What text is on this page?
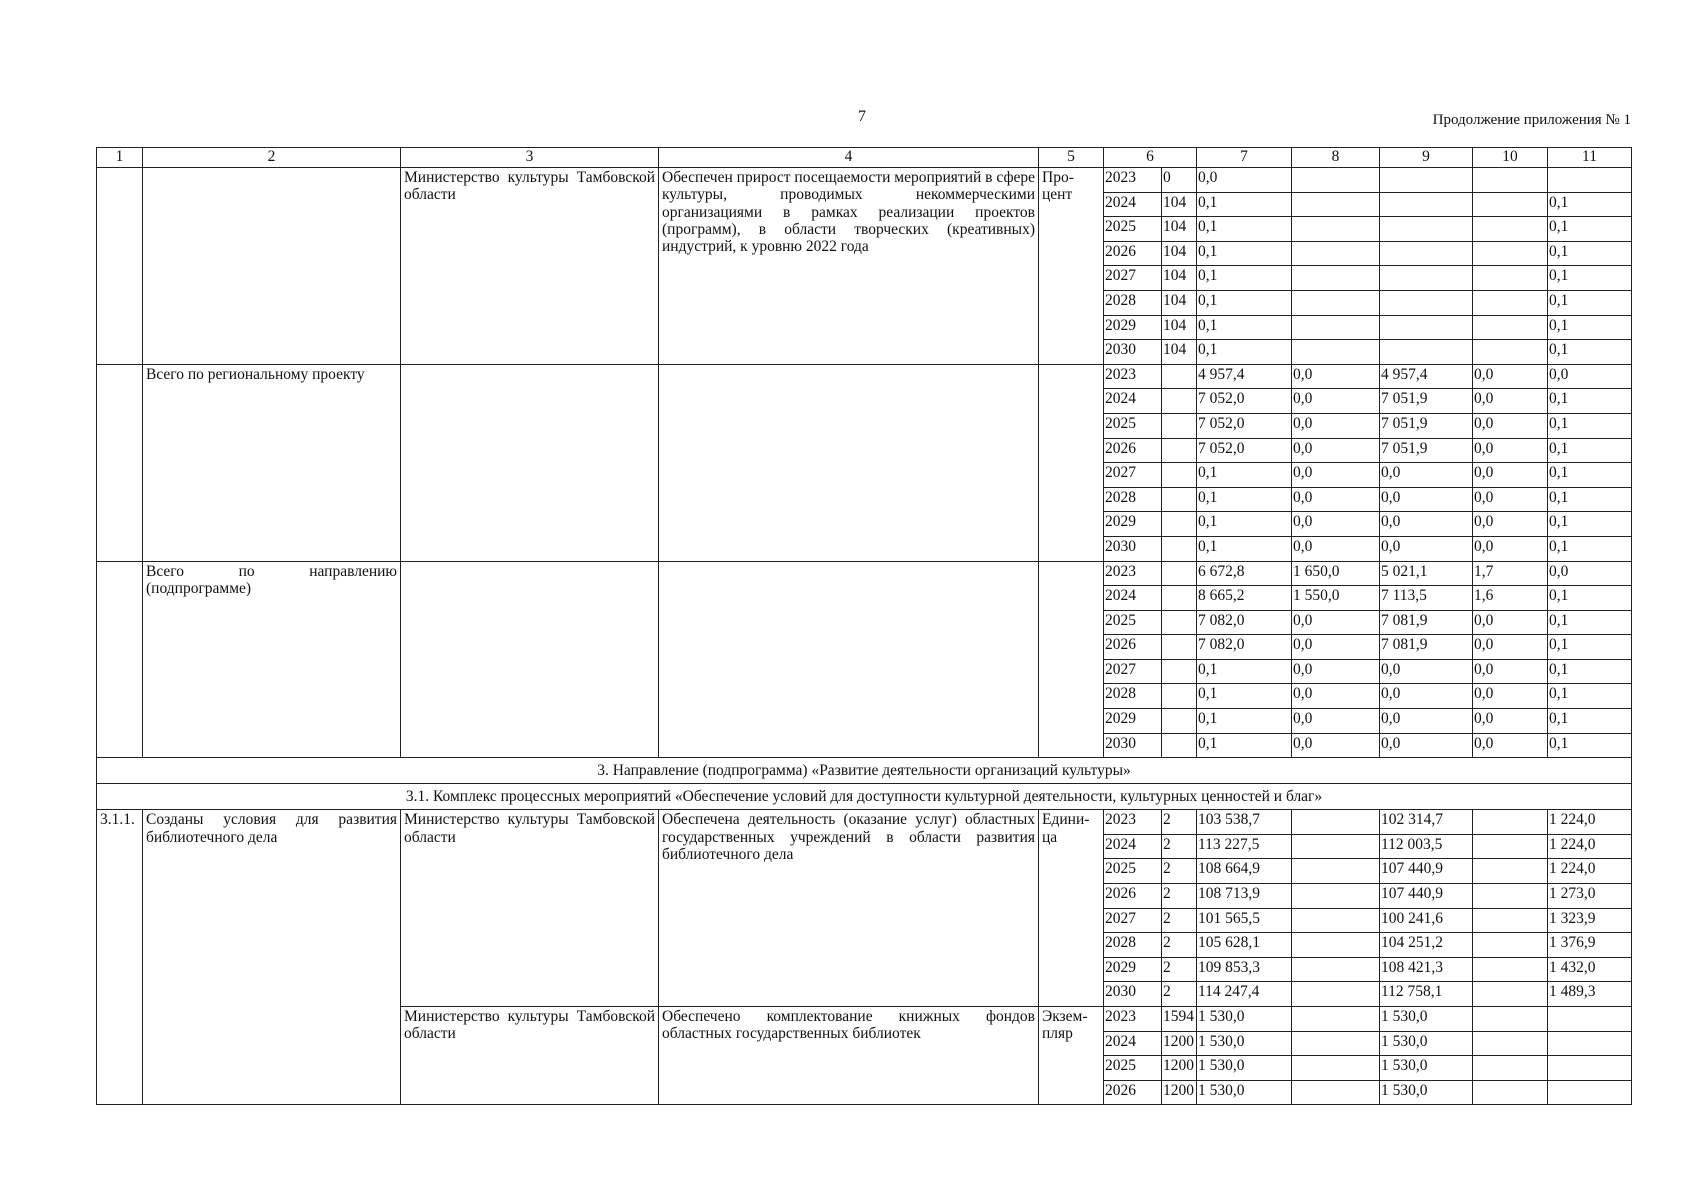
7	Продолжение приложения № 1
1	2	3	4	5	6		7	8	9	10	11
		Министерство культуры Тамбовской области	Обеспечен прирост посещаемости мероприятий в сфере культуры, проводимых некоммерческими организациями в рамках реализации проектов (программ), в области творческих (креативных) индустрий, к уровню 2022 года	Про-цент	2023	0	0,0				
					2024	104	0,1				0,1
					2025	104	0,1				0,1
					2026	104	0,1				0,1
					2027	104	0,1				0,1
					2028	104	0,1				0,1
					2029	104	0,1				0,1
					2030	104	0,1				0,1
	Всего по региональному проекту				2023		4 957,4	0,0	4 957,4	0,0	0,0
					2024		7 052,0	0,0	7 051,9	0,0	0,1
					2025		7 052,0	0,0	7 051,9	0,0	0,1
					2026		7 052,0	0,0	7 051,9	0,0	0,1
					2027		0,1	0,0	0,0	0,0	0,1
					2028		0,1	0,0	0,0	0,0	0,1
					2029		0,1	0,0	0,0	0,0	0,1
					2030		0,1	0,0	0,0	0,0	0,1
	Всего по направлению (подпрограмме)				2023		6 672,8	1 650,0	5 021,1	1,7	0,0
					2024		8 665,2	1 550,0	7 113,5	1,6	0,1
					2025		7 082,0	0,0	7 081,9	0,0	0,1
					2026		7 082,0	0,0	7 081,9	0,0	0,1
					2027		0,1	0,0	0,0	0,0	0,1
					2028		0,1	0,0	0,0	0,0	0,1
					2029		0,1	0,0	0,0	0,0	0,1
					2030		0,1	0,0	0,0	0,0	0,1
3. Направление (подпрограмма) «Развитие деятельности организаций культуры»											
3.1. Комплекс процессных мероприятий «Обеспечение условий для доступности культурной деятельности, культурных ценностей и благ»											
3.1.1.	Созданы условия для развития библиотечного дела	Министерство культуры Тамбовской области	Обеспечена деятельность (оказание услуг) областных государственных учреждений в области развития библиотечного дела	Едини-ца	2023	2	103 538,7		102 314,7		1 224,0
					2024	2	113 227,5		112 003,5		1 224,0
					2025	2	108 664,9		107 440,9		1 224,0
					2026	2	108 713,9		107 440,9		1 273,0
					2027	2	101 565,5		100 241,6		1 323,9
					2028	2	105 628,1		104 251,2		1 376,9
					2029	2	109 853,3		108 421,3		1 432,0
					2030	2	114 247,4		112 758,1		1 489,3
		Министерство культуры Тамбовской области	Обеспечено комплектование книжных фондов областных государственных библиотек	Экзем-пляр	2023	1594	1 530,0		1 530,0		
					2024	1200	1 530,0		1 530,0		
					2025	1200	1 530,0		1 530,0		
					2026	1200	1 530,0		1 530,0		
